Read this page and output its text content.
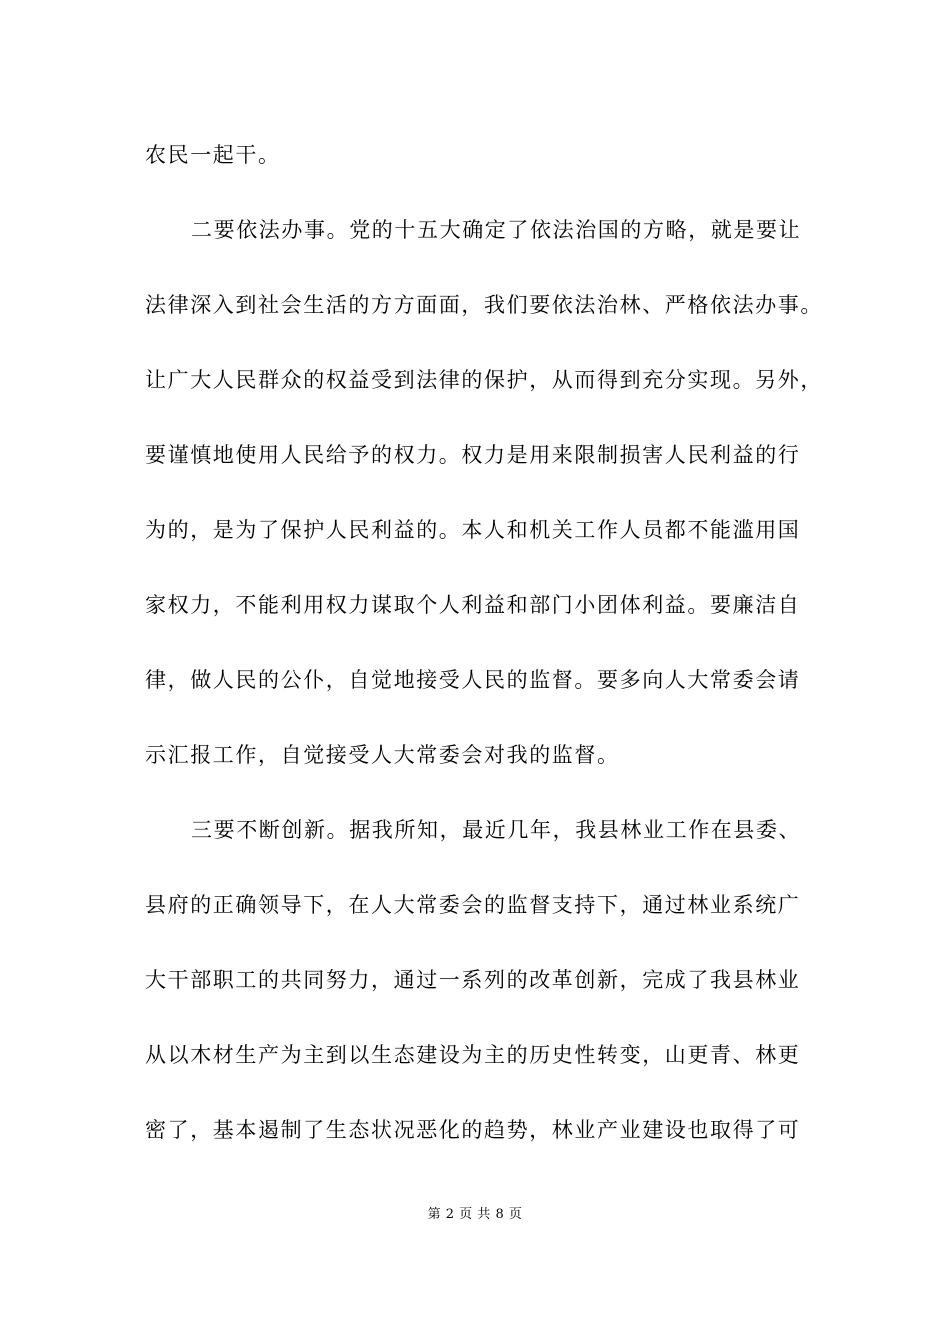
农民一起干。
二要依法办事。党的十五大确定了依法治国的方略，就是要让
法律深入到社会生活的方方面面，我们要依法治林、严格依法办事。
让广大人民群众的权益受到法律的保护，从而得到充分实现。另外，
要谨慎地使用人民给予的权力。权力是用来限制损害人民利益的行
为的，是为了保护人民利益的。本人和机关工作人员都不能滥用国
家权力，不能利用权力谋取个人利益和部门小团体利益。要廉洁自
律，做人民的公仆，自觉地接受人民的监督。要多向人大常委会请
示汇报工作，自觉接受人大常委会对我的监督。
三要不断创新。据我所知，最近几年，我县林业工作在县委、
县府的正确领导下，在人大常委会的监督支持下，通过林业系统广
大干部职工的共同努力，通过一系列的改革创新，完成了我县林业
从以木材生产为主到以生态建设为主的历史性转变，山更青、林更
密了，基本遏制了生态状况恶化的趋势，林业产业建设也取得了可
第 2 页 共 8 页
